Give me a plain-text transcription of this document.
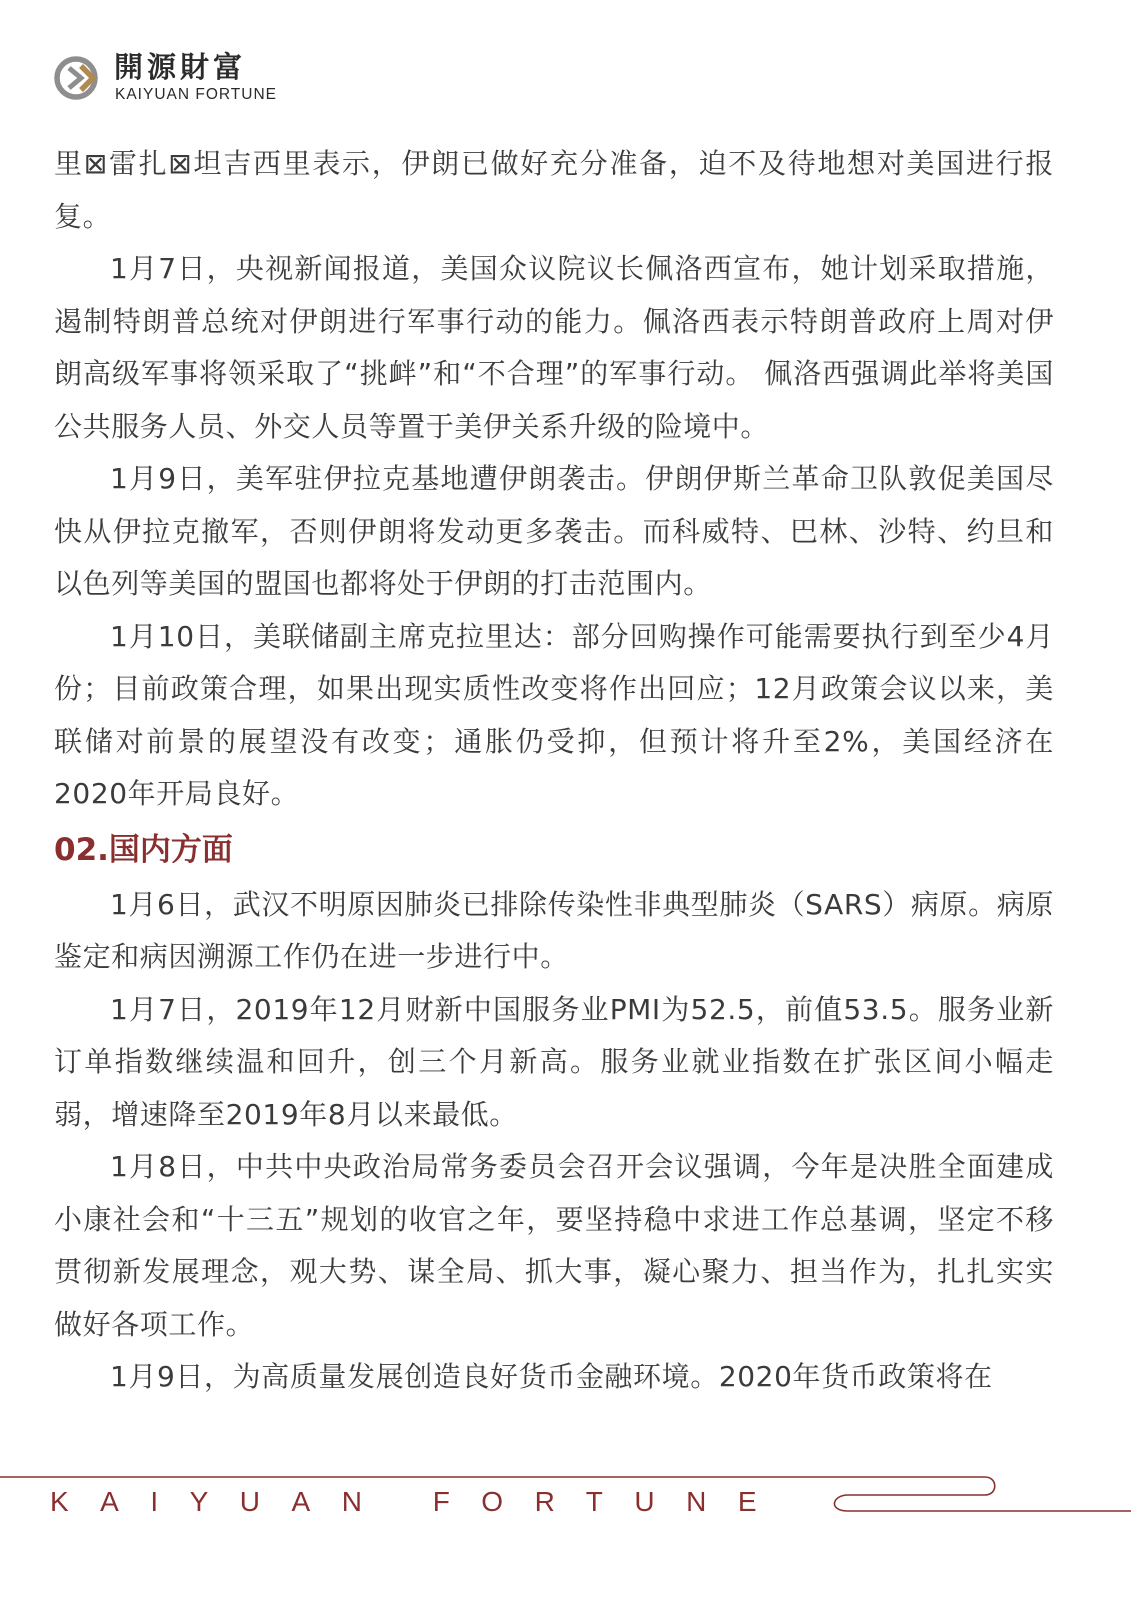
開源財富
KAIYUAN FORTUNE

里⊠雷扎⊠坦吉西里表示，伊朗已做好充分准备，迫不及待地想对美国进行报复。

1月7日，央视新闻报道，美国众议院议长佩洛西宣布，她计划采取措施，遏制特朗普总统对伊朗进行军事行动的能力。佩洛西表示特朗普政府上周对伊朗高级军事将领采取了“挑衅”和“不合理”的军事行动。 佩洛西强调此举将美国公共服务人员、外交人员等置于美伊关系升级的险境中。

1月9日，美军驻伊拉克基地遭伊朗袭击。伊朗伊斯兰革命卫队敦促美国尽快从伊拉克撤军，否则伊朗将发动更多袭击。而科威特、巴林、沙特、约旦和以色列等美国的盟国也都将处于伊朗的打击范围内。

1月10日，美联储副主席克拉里达：部分回购操作可能需要执行到至少4月份；目前政策合理，如果出现实质性改变将作出回应；12月政策会议以来，美联储对前景的展望没有改变；通胀仍受抑，但预计将升至2%，美国经济在2020年开局良好。

02.国内方面

1月6日，武汉不明原因肺炎已排除传染性非典型肺炎（SARS）病原。病原鉴定和病因溯源工作仍在进一步进行中。

1月7日，2019年12月财新中国服务业PMI为52.5，前值53.5。服务业新订单指数继续温和回升，创三个月新高。服务业就业指数在扩张区间小幅走弱，增速降至2019年8月以来最低。

1月8日，中共中央政治局常务委员会召开会议强调，今年是决胜全面建成小康社会和“十三五”规划的收官之年，要坚持稳中求进工作总基调，坚定不移贯彻新发展理念，观大势、谋全局、抓大事，凝心聚力、担当作为，扎扎实实做好各项工作。

1月9日，为高质量发展创造良好货币金融环境。2020年货币政策将在

KAIYUAN FORTUNE
